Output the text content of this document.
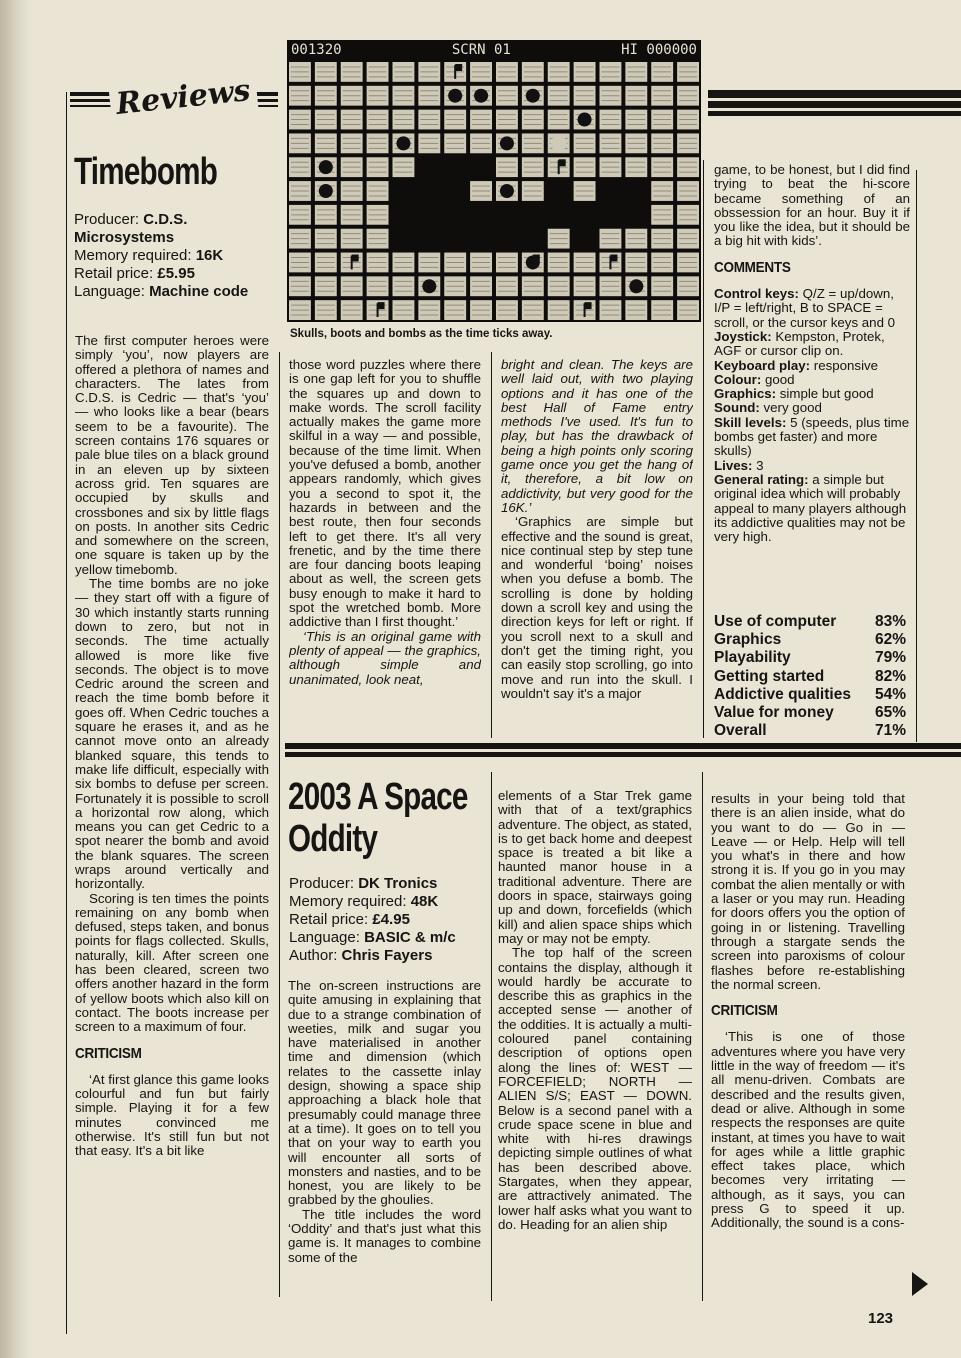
Reviews
001320	SCRN 01	HI 000000
Skulls, boots and bombs as the time ticks away.
Timebomb
Producer: C.D.S.
Microsystems
Memory required: 16K
Retail price: £5.95
Language: Machine code

The first computer heroes were simply ‘you’, now players are offered a plethora of names and characters. The lates from C.D.S. is Cedric — that's ‘you’ — who looks like a bear (bears seem to be a favourite). The screen contains 176 squares or pale blue tiles on a black ground in an eleven up by sixteen across grid. Ten squares are occupied by skulls and crossbones and six by little flags on posts. In another sits Cedric and somewhere on the screen, one square is taken up by the yellow timebomb.

The time bombs are no joke — they start off with a figure of 30 which instantly starts running down to zero, but not in seconds. The time actually allowed is more like five seconds. The object is to move Cedric around the screen and reach the time bomb before it goes off. When Cedric touches a square he erases it, and as he cannot move onto an already blanked square, this tends to make life difficult, especially with six bombs to defuse per screen. Fortunately it is possible to scroll a horizontal row along, which means you can get Cedric to a spot nearer the bomb and avoid the blank squares. The screen wraps around vertically and horizontally.

Scoring is ten times the points remaining on any bomb when defused, steps taken, and bonus points for flags collected. Skulls, naturally, kill. After screen one has been cleared, screen two offers another hazard in the form of yellow boots which also kill on contact. The boots increase per screen to a maximum of four.

CRITICISM

‘At first glance this game looks colourful and fun but fairly simple. Playing it for a few minutes convinced me otherwise. It's still fun but not that easy. It's a bit like

those word puzzles where there is one gap left for you to shuffle the squares up and down to make words. The scroll facility actually makes the game more skilful in a way — and possible, because of the time limit. When you've defused a bomb, another appears randomly, which gives you a second to spot it, the hazards in between and the best route, then four seconds left to get there. It's all very frenetic, and by the time there are four dancing boots leaping about as well, the screen gets busy enough to make it hard to spot the wretched bomb. More addictive than I first thought.’

‘This is an original game with plenty of appeal — the graphics, although simple and unanimated, look neat,

bright and clean. The keys are well laid out, with two playing options and it has one of the best Hall of Fame entry methods I've used. It's fun to play, but has the drawback of being a high points only scoring game once you get the hang of it, therefore, a bit low on addictivity, but very good for the 16K.’

‘Graphics are simple but effective and the sound is great, nice continual step by step tune and wonderful ‘boing’ noises when you defuse a bomb. The scrolling is done by holding down a scroll key and using the direction keys for left or right. If you scroll next to a skull and don't get the timing right, you can easily stop scrolling, go into move and run into the skull. I wouldn't say it's a major

game, to be honest, but I did find trying to beat the hi-score became something of an obssession for an hour. Buy it if you like the idea, but it should be a big hit with kids’.

COMMENTS
Control keys: Q/Z = up/down, I/P = left/right, B to SPACE = scroll, or the cursor keys and 0
Joystick: Kempston, Protek, AGF or cursor clip on.
Keyboard play: responsive
Colour: good
Graphics: simple but good
Sound: very good
Skill levels: 5 (speeds, plus time bombs get faster) and more skulls)
Lives: 3
General rating: a simple but original idea which will probably appeal to many players although its addictive qualities may not be very high.
Use of computer 83%
Graphics	62%
Playability	79%
Getting started	82%
Addictive qualities 54%
Value for money	65%
Overall	71%
2003 A Space
Oddity
Producer: DK Tronics
Memory required: 48K
Retail price: £4.95
Language: BASIC & m/c
Author: Chris Fayers

The on-screen instructions are quite amusing in explaining that due to a strange combination of weeties, milk and sugar you have materialised in another time and dimension (which relates to the cassette inlay design, showing a space ship approaching a black hole that presumably could manage three at a time). It goes on to tell you that on your way to earth you will encounter all sorts of monsters and nasties, and to be honest, you are likely to be grabbed by the ghoulies.

The title includes the word ‘Oddity’ and that's just what this game is. It manages to combine some of the

elements of a Star Trek game with that of a text/graphics adventure. The object, as stated, is to get back home and deepest space is treated a bit like a haunted manor house in a traditional adventure. There are doors in space, stairways going up and down, forcefields (which kill) and alien space ships which may or may not be empty.

The top half of the screen contains the display, although it would hardly be accurate to describe this as graphics in the accepted sense — another of the oddities. It is actually a multi-coloured panel containing description of options open along the lines of: WEST — FORCEFIELD; NORTH — ALIEN S/S; EAST — DOWN. Below is a second panel with a crude space scene in blue and white with hi-res drawings depicting simple outlines of what has been described above. Stargates, when they appear, are attractively animated. The lower half asks what you want to do. Heading for an alien ship

results in your being told that there is an alien inside, what do you want to do — Go in — Leave — or Help. Help will tell you what's in there and how strong it is. If you go in you may combat the alien mentally or with a laser or you may run. Heading for doors offers you the option of going in or listening. Travelling through a stargate sends the screen into paroxisms of colour flashes before re-establishing the normal screen.

CRITICISM

‘This is one of those adventures where you have very little in the way of freedom — it's all menu-driven. Combats are described and the results given, dead or alive. Although in some respects the responses are quite instant, at times you have to wait for ages while a little graphic effect takes place, which becomes very irritating — although, as it says, you can press G to speed it up. Additionally, the sound is a cons-

123
